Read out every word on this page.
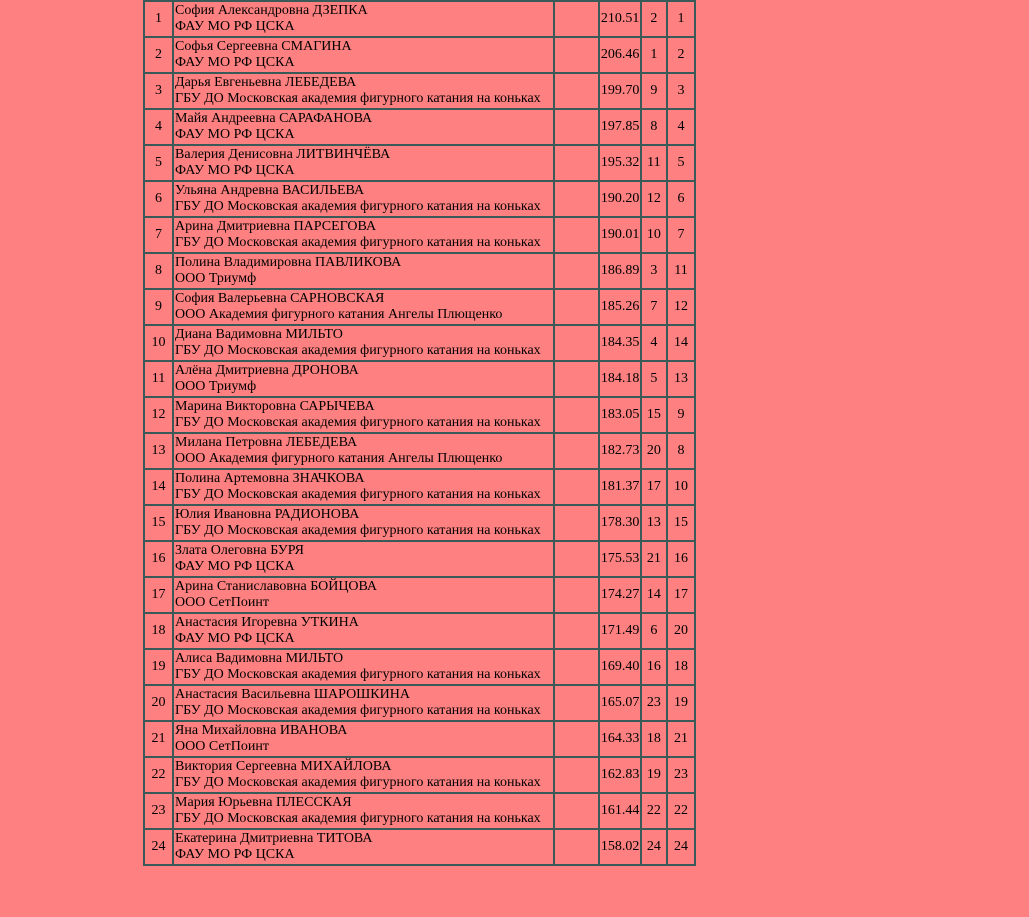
1	София Александровна ДЗЕПКА
ФАУ МО РФ ЦСКА		210.51	2	1
2	Софья Сергеевна СМАГИНА
ФАУ МО РФ ЦСКА		206.46	1	2
3	Дарья Евгеньевна ЛЕБЕДЕВА
ГБУ ДО Московская академия фигурного катания на коньках		199.70	9	3
4	Майя Андреевна САРАФАНОВА
ФАУ МО РФ ЦСКА		197.85	8	4
5	Валерия Денисовна ЛИТВИНЧЁВА
ФАУ МО РФ ЦСКА		195.32	11	5
6	Ульяна Андревна ВАСИЛЬЕВА
ГБУ ДО Московская академия фигурного катания на коньках		190.20	12	6
7	Арина Дмитриевна ПАРСЕГОВА
ГБУ ДО Московская академия фигурного катания на коньках		190.01	10	7
8	Полина Владимировна ПАВЛИКОВА
ООО Триумф		186.89	3	11
9	София Валерьевна САРНОВСКАЯ
ООО Академия фигурного катания Ангелы Плющенко		185.26	7	12
10	Диана Вадимовна МИЛЬТО
ГБУ ДО Московская академия фигурного катания на коньках		184.35	4	14
11	Алёна Дмитриевна ДРОНОВА
ООО Триумф		184.18	5	13
12	Марина Викторовна САРЫЧЕВА
ГБУ ДО Московская академия фигурного катания на коньках		183.05	15	9
13	Милана Петровна ЛЕБЕДЕВА
ООО Академия фигурного катания Ангелы Плющенко		182.73	20	8
14	Полина Артемовна ЗНАЧКОВА
ГБУ ДО Московская академия фигурного катания на коньках		181.37	17	10
15	Юлия Ивановна РАДИОНОВА
ГБУ ДО Московская академия фигурного катания на коньках		178.30	13	15
16	Злата Олеговна БУРЯ
ФАУ МО РФ ЦСКА		175.53	21	16
17	Арина Станиславовна БОЙЦОВА
ООО СетПоинт		174.27	14	17
18	Анастасия Игоревна УТКИНА
ФАУ МО РФ ЦСКА		171.49	6	20
19	Алиса Вадимовна МИЛЬТО
ГБУ ДО Московская академия фигурного катания на коньках		169.40	16	18
20	Анастасия Васильевна ШАРОШКИНА
ГБУ ДО Московская академия фигурного катания на коньках		165.07	23	19
21	Яна Михайловна ИВАНОВА
ООО СетПоинт		164.33	18	21
22	Виктория Сергеевна МИХАЙЛОВА
ГБУ ДО Московская академия фигурного катания на коньках		162.83	19	23
23	Мария Юрьевна ПЛЕССКАЯ
ГБУ ДО Московская академия фигурного катания на коньках		161.44	22	22
24	Екатерина Дмитриевна ТИТОВА
ФАУ МО РФ ЦСКА		158.02	24	24
